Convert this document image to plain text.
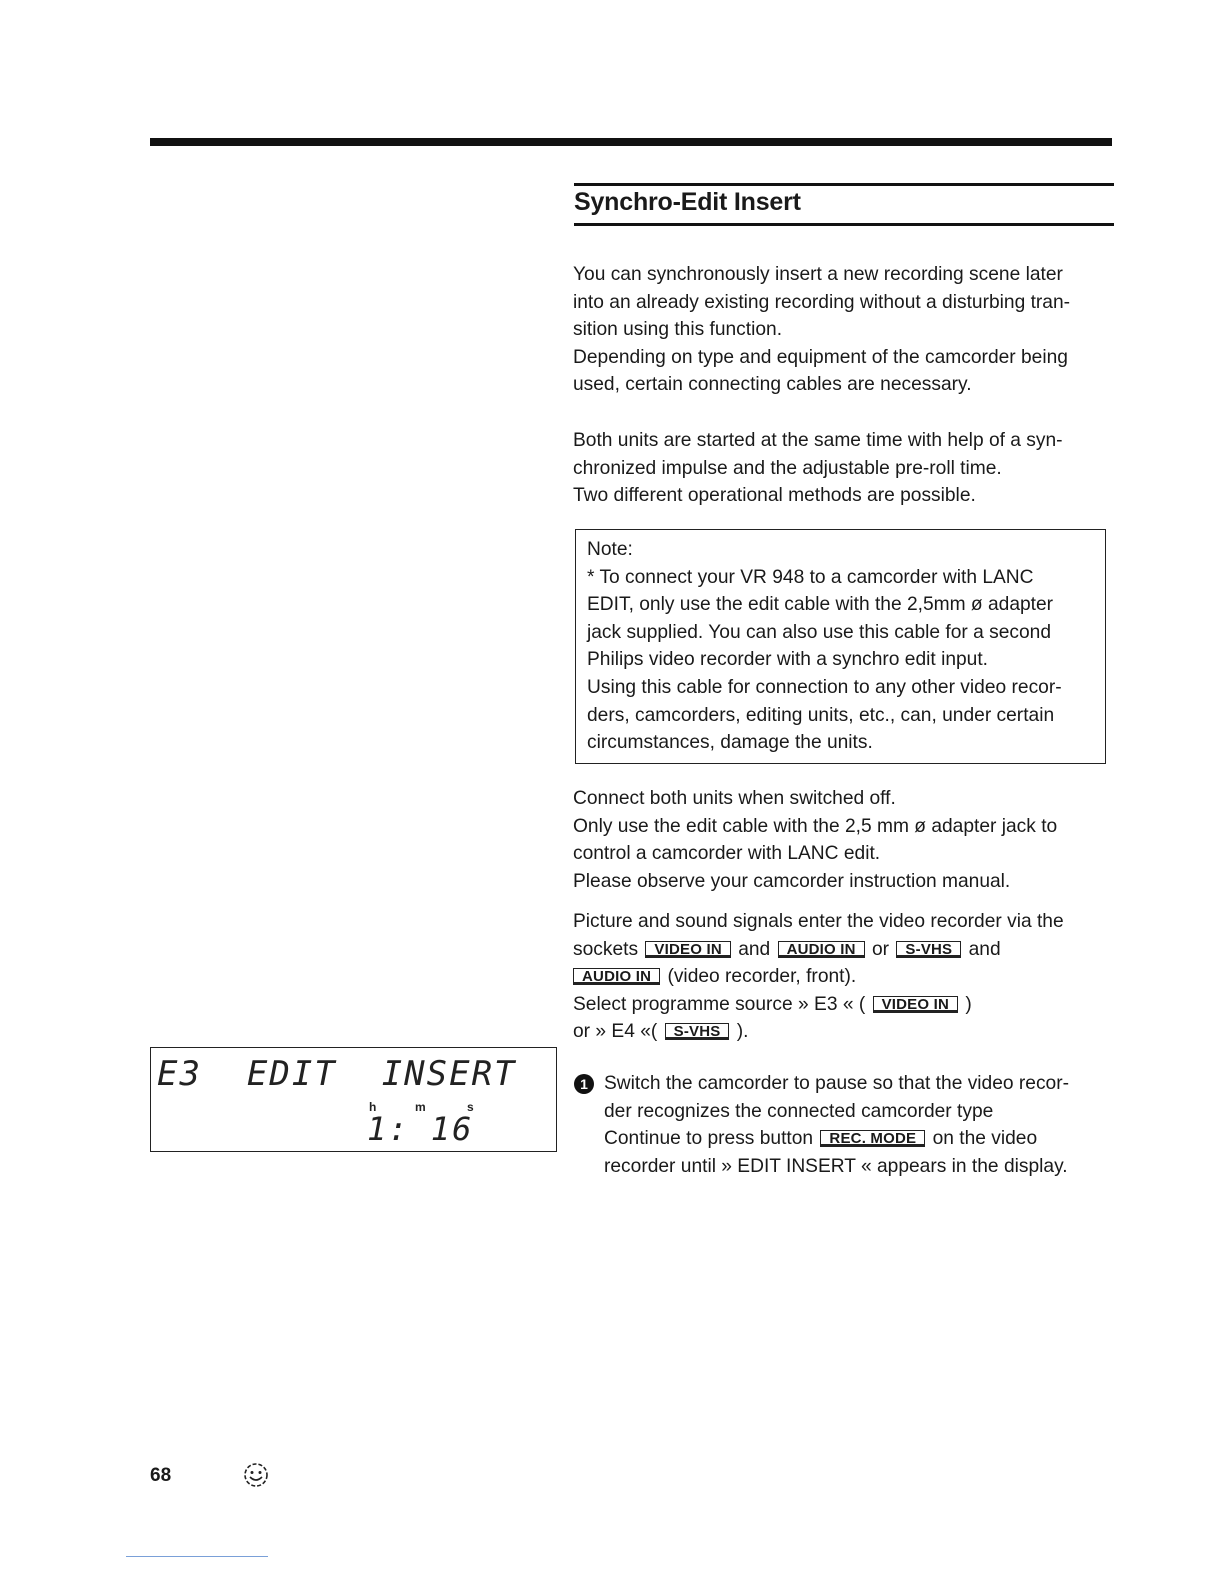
Synchro-Edit Insert
You can synchronously insert a new recording scene later
into an already existing recording without a disturbing tran-
sition using this function.
Depending on type and equipment of the camcorder being
used, certain connecting cables are necessary.
Both units are started at the same time with help of a syn-
chronized impulse and the adjustable pre-roll time.
Two different operational methods are possible.
Note:
* To connect your VR 948 to a camcorder with LANC
EDIT, only use the edit cable with the 2,5mm ø adapter
jack supplied. You can also use this cable for a second
Philips video recorder with a synchro edit input.
Using this cable for connection to any other video recor-
ders, camcorders, editing units, etc., can, under certain
circumstances, damage the units.
Connect both units when switched off.
Only use the edit cable with the 2,5 mm ø adapter jack to
control a camcorder with LANC edit.
Please observe your camcorder instruction manual.
Picture and sound signals enter the video recorder via the
sockets VIDEO IN and AUDIO IN or S-VHS and
AUDIO IN (video recorder, front).
Select programme source » E3 « ( VIDEO IN )
or » E4 «( S-VHS ).
1 Switch the camcorder to pause so that the video recor-
der recognizes the connected camcorder type
Continue to press button REC. MODE on the video
recorder until » EDIT INSERT « appears in the display.
E3  EDIT  INSERT
h	m	s
1: 16
68
